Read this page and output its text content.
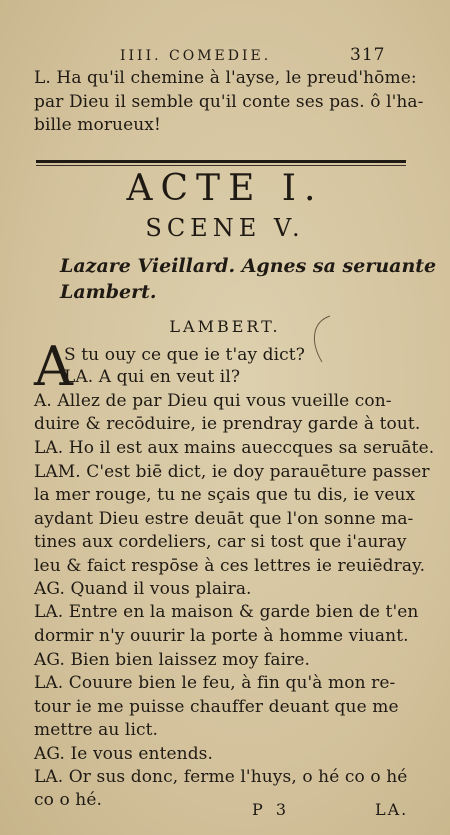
IIII. COMEDIE.	317
L. Ha qu'il chemine à l'ayse, le preud'hōme:
par Dieu il semble qu'il conte ses pas. ô l'ha-
bille morueux!
ACTE I.
SCENE V.
Lazare Vieillard. Agnes sa seruante
Lambert.
LAMBERT.
A
S tu ouy ce que ie t'ay dict?
LA. A qui en veut il?
A. Allez de par Dieu qui vous vueille con-
duire & recōduire, ie prendray garde à tout.
LA. Ho il est aux mains aueccques sa seruāte.
LAM. C'est biē dict, ie doy parauēture passer
la mer rouge, tu ne sçais que tu dis, ie veux
aydant Dieu estre deuāt que l'on sonne ma-
tines aux cordeliers, car si tost que i'auray
leu & faict respōse à ces lettres ie reuiēdray.
AG. Quand il vous plaira.
LA. Entre en la maison & garde bien de t'en
dormir n'y ouurir la porte à homme viuant.
AG. Bien bien laissez moy faire.
LA. Couure bien le feu, à fin qu'à mon re-
tour ie me puisse chauffer deuant que me
mettre au lict.
AG. Ie vous entends.
LA. Or sus donc, ferme l'huys, o hé co o hé
co o hé.	P 3	LA.
